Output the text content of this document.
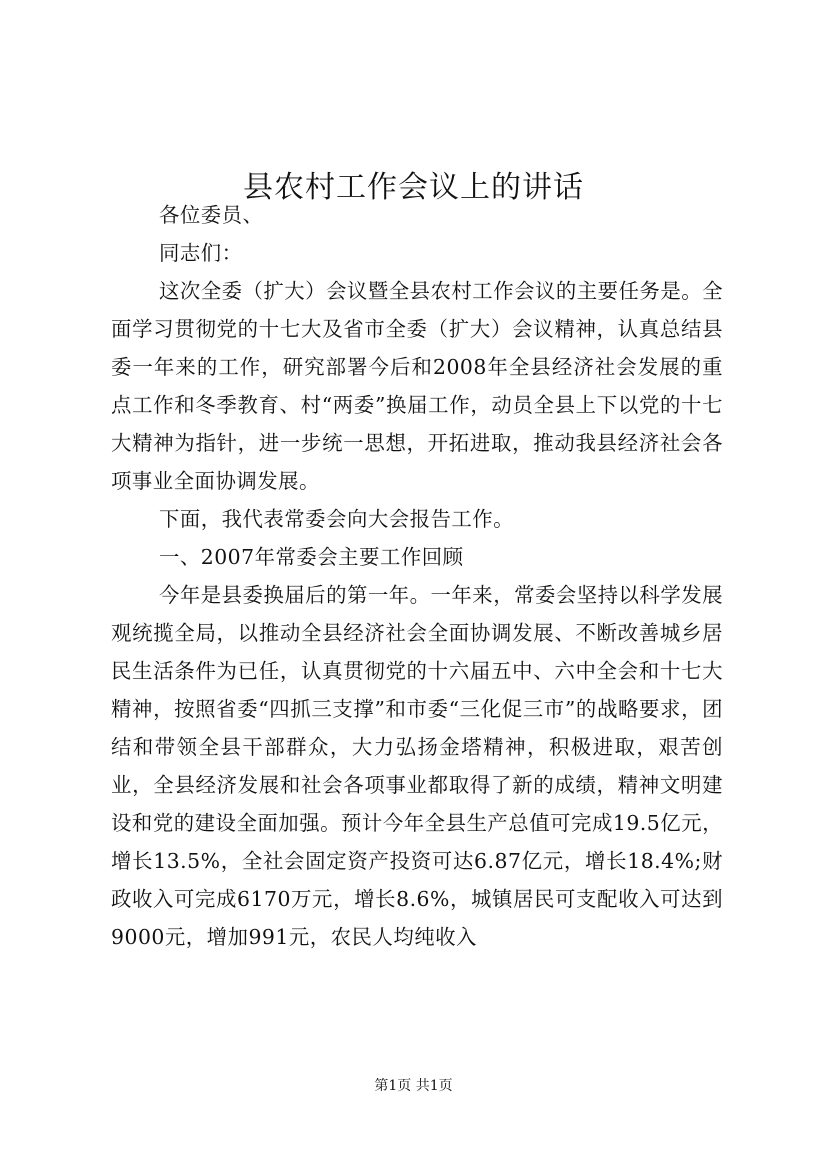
县农村工作会议上的讲话

各位委员、

同志们：

这次全委（扩大）会议暨全县农村工作会议的主要任务是。全面学习贯彻党的十七大及省市全委（扩大）会议精神，认真总结县委一年来的工作，研究部署今后和2008年全县经济社会发展的重点工作和冬季教育、村“两委”换届工作，动员全县上下以党的十七大精神为指针，进一步统一思想，开拓进取，推动我县经济社会各项事业全面协调发展。

下面，我代表常委会向大会报告工作。

一、2007年常委会主要工作回顾

今年是县委换届后的第一年。一年来，常委会坚持以科学发展观统揽全局，以推动全县经济社会全面协调发展、不断改善城乡居民生活条件为已任，认真贯彻党的十六届五中、六中全会和十七大精神，按照省委“四抓三支撑”和市委“三化促三市”的战略要求，团结和带领全县干部群众，大力弘扬金塔精神，积极进取，艰苦创业，全县经济发展和社会各项事业都取得了新的成绩，精神文明建设和党的建设全面加强。预计今年全县生产总值可完成19.5亿元，增长13.5%，全社会固定资产投资可达6.87亿元，增长18.4%;财政收入可完成6170万元，增长8.6%，城镇居民可支配收入可达到9000元，增加991元，农民人均纯收入

第1页 共1页
